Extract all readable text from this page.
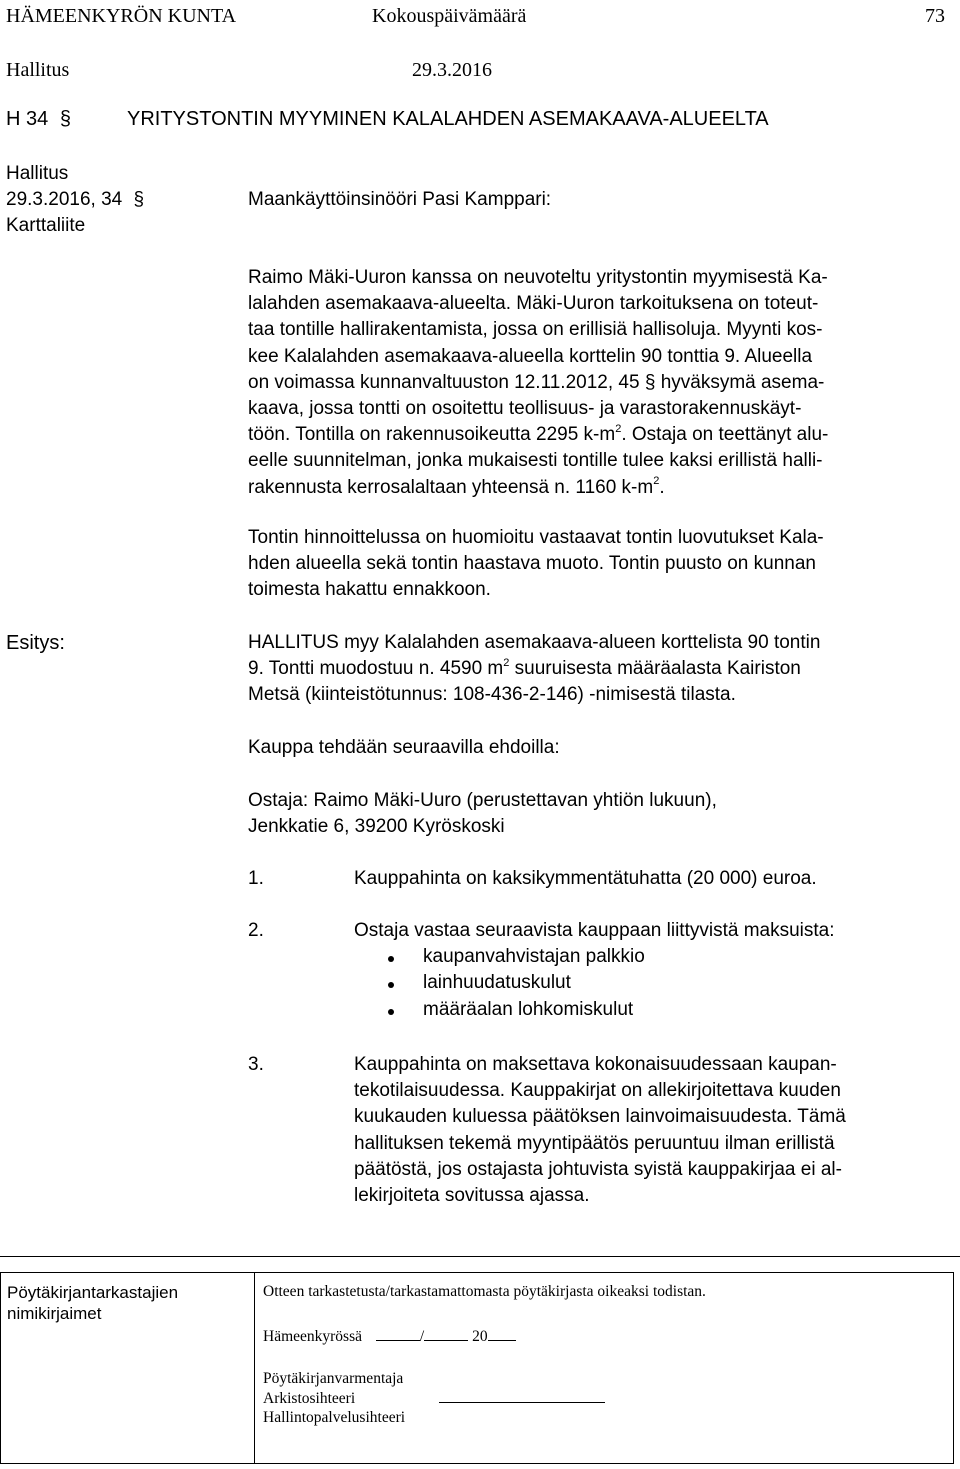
HÄMEENKYRÖN KUNTA	Kokouspäivämäärä	73
Hallitus	29.3.2016
H 34 §	YRITYSTONTIN MYYMINEN KALALAHDEN ASEMAKAAVA-ALUEELTA
Hallitus
29.3.2016, 34 §
Karttaliite
Maankäyttöinsinööri Pasi Kamppari:
Raimo Mäki-Uuron kanssa on neuvoteltu yritystontin myymisestä Ka-
lalahden asemakaava-alueelta. Mäki-Uuron tarkoituksena on toteut-
taa tontille hallirakentamista, jossa on erillisiä hallisoluja. Myynti kos-
kee Kalalahden asemakaava-alueella korttelin 90 tonttia 9. Alueella
on voimassa kunnanvaltuuston 12.11.2012, 45 § hyväksymä asema-
kaava, jossa tontti on osoitettu teollisuus- ja varastorakennuskäyt-
töön. Tontilla on rakennusoikeutta 2295 $k-m^2$. Ostaja on teettänyt alu-
eelle suunnitelman, jonka mukaisesti tontille tulee kaksi erillistä halli-
rakennusta kerrosalaltaan yhteensä n. 1160 $k-m^2$.
Tontin hinnoittelussa on huomioitu vastaavat tontin luovutukset Kala-
hden alueella sekä tontin haastava muoto. Tontin puusto on kunnan
toimesta hakattu ennakkoon.
Esitys:	HALLITUS myy Kalalahden asemakaava-alueen korttelista 90 tontin
9. Tontti muodostuu n. 4590 $m^2$ suuruisesta määräalasta Kairiston
Metsä (kiinteistötunnus: 108-436-2-146) -nimisestä tilasta.
Kauppa tehdään seuraavilla ehdoilla:
Ostaja: Raimo Mäki-Uuro (perustettavan yhtiön lukuun),
Jenkkatie 6, 39200 Kyröskoski
1.	Kauppahinta on kaksikymmentätuhatta (20 000) euroa.
2.	Ostaja vastaa seuraavista kauppaan liittyvistä maksuista:
kaupanvahvistajan palkkio
lainhuudatuskulut
määräalan lohkomiskulut
3.	Kauppahinta on maksettava kokonaisuudessaan kaupan-
tekotilaisuudessa. Kauppakirjat on allekirjoitettava kuuden
kuukauden kuluessa päätöksen lainvoimaisuudesta. Tämä
hallituksen tekemä myyntipäätös peruuntuu ilman erillistä
päätöstä, jos ostajasta johtuvista syistä kauppakirjaa ei al-
lekirjoiteta sovitussa ajassa.
Pöytäkirjantarkastajien
nimikirjaimet
Otteen tarkastetusta/tarkastamattomasta pöytäkirjasta oikeaksi todistan.
Hämeenkyrössä	/	20
Pöytäkirjanvarmentaja
Arkistosihteeri
Hallintopalvelusihteeri
